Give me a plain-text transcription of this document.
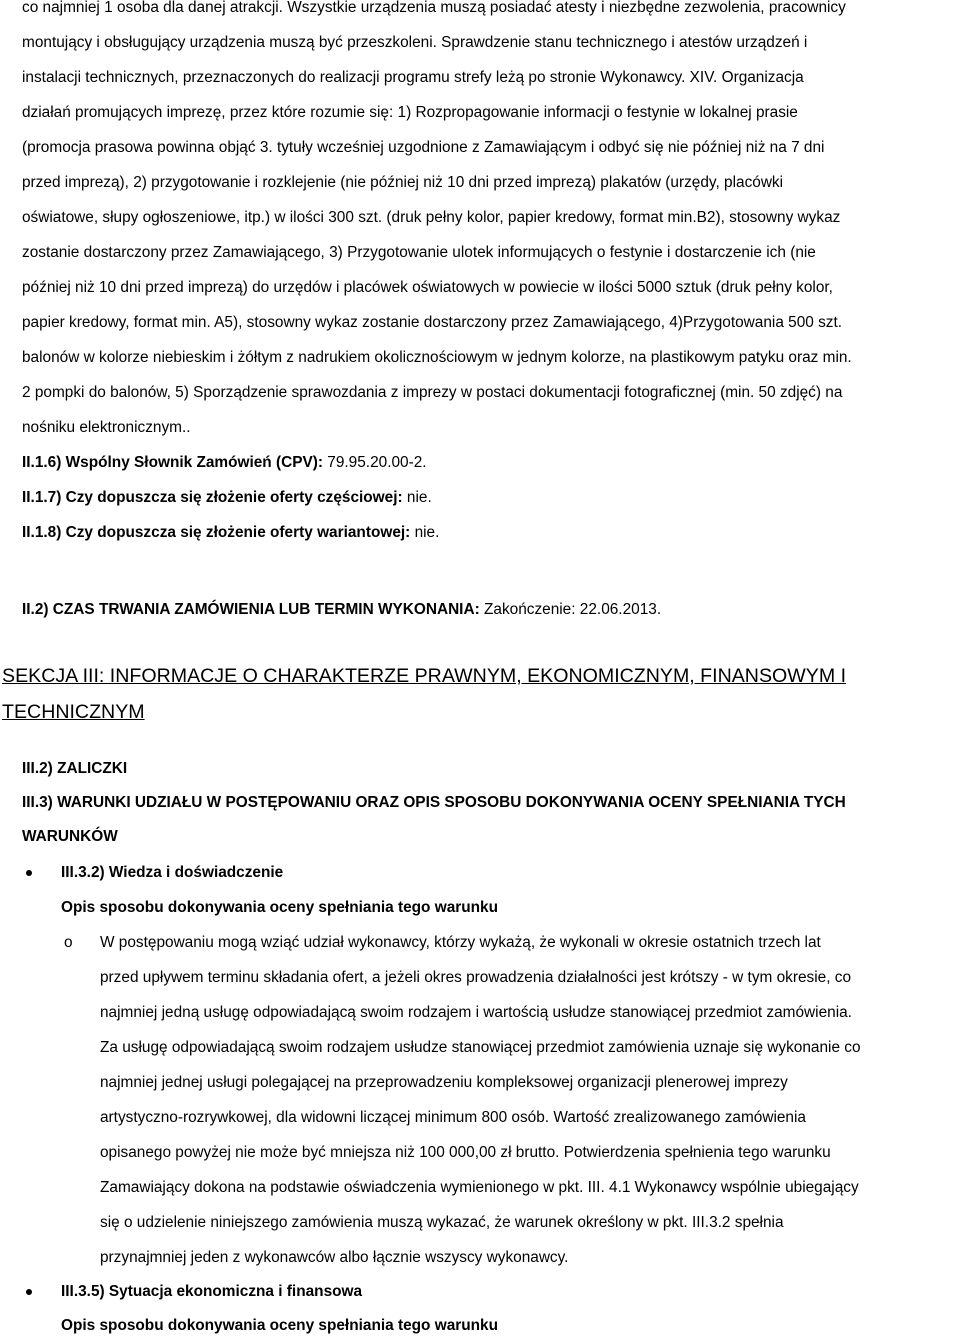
co najmniej 1 osoba dla danej atrakcji. Wszystkie urządzenia muszą posiadać atesty i niezbędne zezwolenia, pracownicy
montujący i obsługujący urządzenia muszą być przeszkoleni. Sprawdzenie stanu technicznego i atestów urządzeń i
instalacji technicznych, przeznaczonych do realizacji programu strefy leżą po stronie Wykonawcy. XIV. Organizacja
działań promujących imprezę, przez które rozumie się: 1) Rozpropagowanie informacji o festynie w lokalnej prasie
(promocja prasowa powinna objąć 3. tytuły wcześniej uzgodnione z Zamawiającym i odbyć się nie później niż na 7 dni
przed imprezą), 2) przygotowanie i rozklejenie (nie później niż 10 dni przed imprezą) plakatów (urzędy, placówki
oświatowe, słupy ogłoszeniowe, itp.) w ilości 300 szt. (druk pełny kolor, papier kredowy, format min.B2), stosowny wykaz
zostanie dostarczony przez Zamawiającego, 3) Przygotowanie ulotek informujących o festynie i dostarczenie ich (nie
później niż 10 dni przed imprezą) do urzędów i placówek oświatowych w powiecie w ilości 5000 sztuk (druk pełny kolor,
papier kredowy, format min. A5), stosowny wykaz zostanie dostarczony przez Zamawiającego, 4)Przygotowania 500 szt.
balonów w kolorze niebieskim i żółtym z nadrukiem okolicznościowym w jednym kolorze, na plastikowym patyku oraz min.
2 pompki do balonów, 5) Sporządzenie sprawozdania z imprezy w postaci dokumentacji fotograficznej (min. 50 zdjęć) na
nośniku elektronicznym..
II.1.6) Wspólny Słownik Zamówień (CPV): 79.95.20.00-2.
II.1.7) Czy dopuszcza się złożenie oferty częściowej: nie.
II.1.8) Czy dopuszcza się złożenie oferty wariantowej: nie.
II.2) CZAS TRWANIA ZAMÓWIENIA LUB TERMIN WYKONANIA: Zakończenie: 22.06.2013.
SEKCJA III: INFORMACJE O CHARAKTERZE PRAWNYM, EKONOMICZNYM, FINANSOWYM I
TECHNICZNYM
III.2) ZALICZKI
III.3) WARUNKI UDZIAŁU W POSTĘPOWANIU ORAZ OPIS SPOSOBU DOKONYWANIA OCENY SPEŁNIANIA TYCH
WARUNKÓW
III.3.2) Wiedza i doświadczenie
Opis sposobu dokonywania oceny spełniania tego warunku
o W postępowaniu mogą wziąć udział wykonawcy, którzy wykażą, że wykonali w okresie ostatnich trzech lat
przed upływem terminu składania ofert, a jeżeli okres prowadzenia działalności jest krótszy - w tym okresie, co
najmniej jedną usługę odpowiadającą swoim rodzajem i wartością usłudze stanowiącej przedmiot zamówienia.
Za usługę odpowiadającą swoim rodzajem usłudze stanowiącej przedmiot zamówienia uznaje się wykonanie co
najmniej jednej usługi polegającej na przeprowadzeniu kompleksowej organizacji plenerowej imprezy
artystyczno-rozrywkowej, dla widowni liczącej minimum 800 osób. Wartość zrealizowanego zamówienia
opisanego powyżej nie może być mniejsza niż 100 000,00 zł brutto. Potwierdzenia spełnienia tego warunku
Zamawiający dokona na podstawie oświadczenia wymienionego w pkt. III. 4.1 Wykonawcy wspólnie ubiegający
się o udzielenie niniejszego zamówienia muszą wykazać, że warunek określony w pkt. III.3.2 spełnia
przynajmniej jeden z wykonawców albo łącznie wszyscy wykonawcy.
III.3.5) Sytuacja ekonomiczna i finansowa
Opis sposobu dokonywania oceny spełniania tego warunku
